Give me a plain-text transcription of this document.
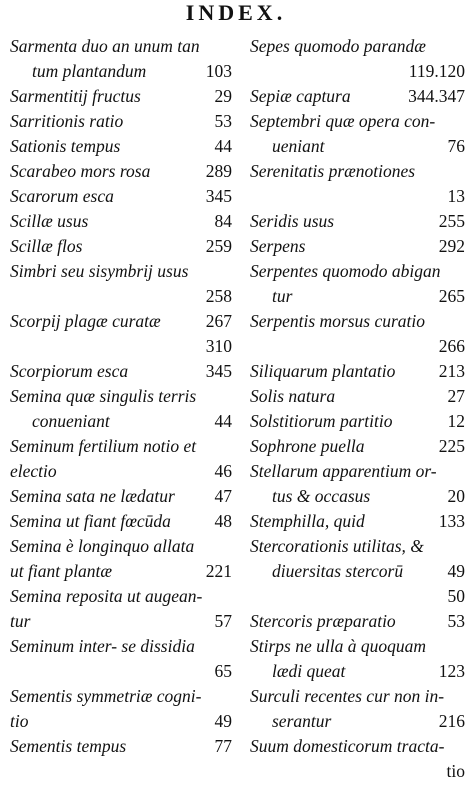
INDEX.
Sarmenta duo an unum tan
tum plantandum	103
Sarmentitij fructus	29
Sarritionis ratio	53
Sationis tempus	44
Scarabeo mors rosa	289
Scarorum esca	345
Scillæ usus	84
Scillæ flos	259
Simbri seu sisymbrij usus
258
Scorpij plagæ curatæ	267
310
Scorpiorum esca	345
Semina quæ singulis terris
conueniant	44
Seminum fertilium notio et
electio	46
Semina sata ne lædatur	47
Semina ut fiant fœcūda	48
Semina è longinquo allata
ut fiant plantæ	221
Semina reposita ut augean-
tur	57
Seminum inter- se dissidia
65
Sementis symmetriæ cogni-
tio	49
Sementis tempus	77
Sepes quomodo parandæ
119.120
Sepiæ captura	344.347
Septembri quæ opera con-
ueniant	76
Serenitatis prænotiones
13
Seridis usus	255
Serpens	292
Serpentes quomodo abigan
tur	265
Serpentis morsus curatio
266
Siliquarum plantatio	213
Solis natura	27
Solstitiorum partitio	12
Sophrone puella	225
Stellarum apparentium or-
tus & occasus	20
Stemphilla, quid	133
Stercorationis utilitas, &
diuersitas stercorū	49
50
Stercoris præparatio	53
Stirps ne ulla à quoquam
lædi queat	123
Surculi recentes cur non in-
serantur	216
Suum domesticorum tracta-
tio
